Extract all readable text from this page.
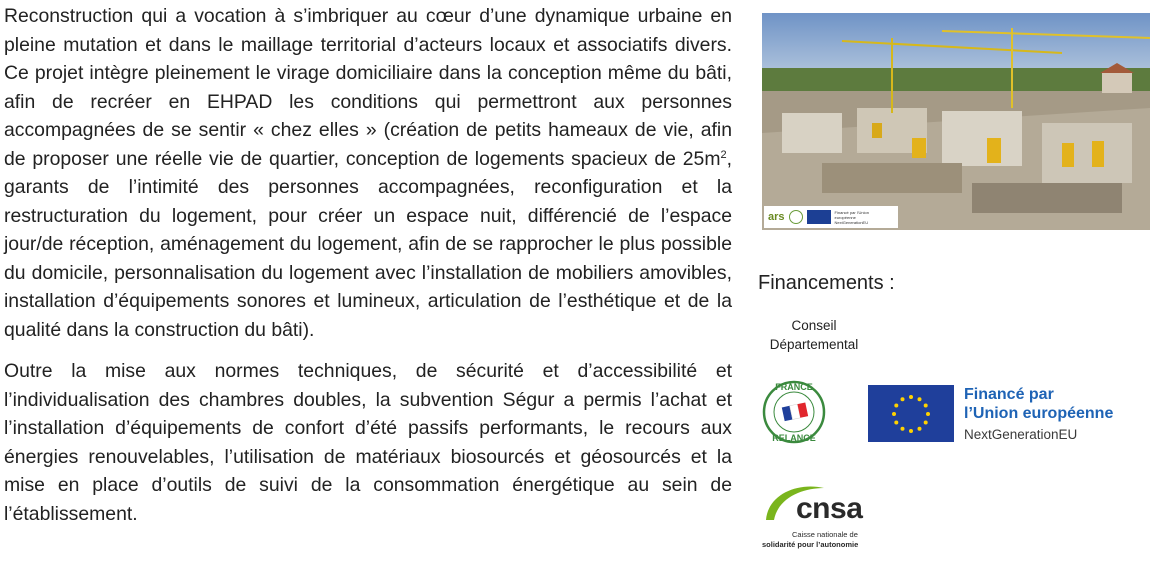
Reconstruction qui a vocation à s’imbriquer au cœur d’une dynamique urbaine en pleine mutation et dans le maillage territorial d’acteurs locaux et associatifs divers. Ce projet intègre pleinement le virage domiciliaire dans la conception même du bâti, afin de recréer en EHPAD les conditions qui permettront aux personnes accompagnées de se sentir « chez elles » (création de petits hameaux de vie, afin de proposer une réelle vie de quartier, conception de logements spacieux de $25m^2$, garants de l’intimité des personnes accompagnées, reconfiguration et la restructuration du logement, pour créer un espace nuit, différencié de l’espace jour/de réception, aménagement du logement, afin de se rapprocher le plus possible du domicile, personnalisation du logement avec l’installation de mobiliers amovibles, installation d’équipements sonores et lumineux, articulation de l’esthétique et de la qualité dans la construction du bâti).

Outre la mise aux normes techniques, de sécurité et d’accessibilité et l’individualisation des chambres doubles, la subvention Ségur a permis l’achat et l’installation d’équipements de confort d’été passifs performants, le recours aux énergies renouvelables, l’utilisation de matériaux biosourcés et géosourcés et la mise en place d’outils de suivi de la consommation énergétique au sein de l’établissement.

ars	Financé par l’Union européenne NextGenerationEU

Financements :

Conseil
Départemental
FRANCE
RELANCE
Financé par
l’Union européenne
NextGenerationEU
cnsa
Caisse nationale de
solidarité pour l’autonomie
